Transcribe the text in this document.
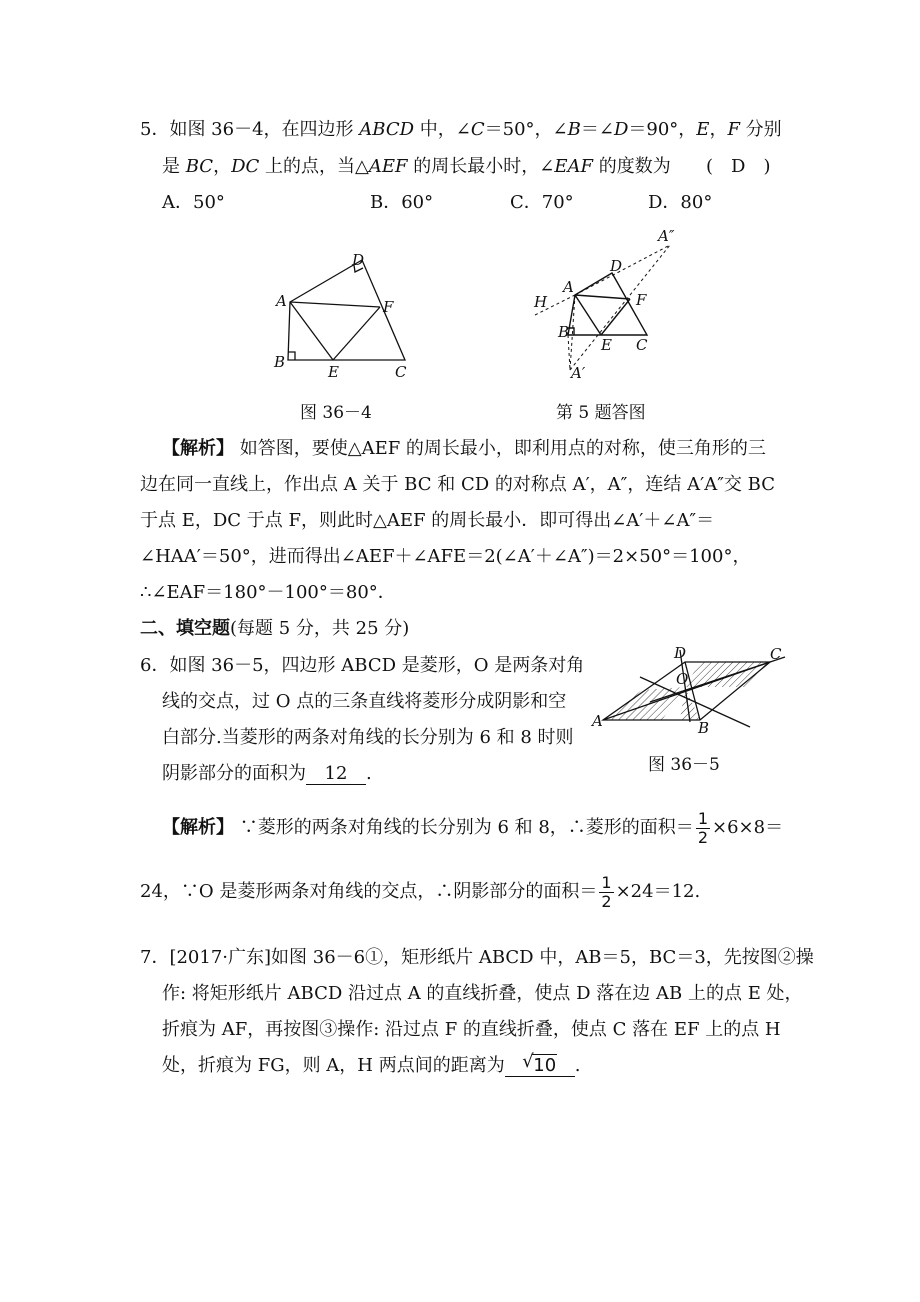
5．如图 36－4，在四边形 ABCD 中，∠C＝50°，∠B＝∠D＝90°，E，F 分别
是 BC，DC 上的点，当△AEF 的周长最小时，∠EAF 的度数为 (　D　)
A．50°	B．60°	C．70°	D．80°
D
A	F
B
E	C
图 36－4
A″
D
A
H	F
B
E C
A′
第 5 题答图
【解析】 如答图，要使△AEF 的周长最小，即利用点的对称，使三角形的三
边在同一直线上，作出点 A 关于 BC 和 CD 的对称点 A′，A″，连结 A′A″交 BC
于点 E，DC 于点 F，则此时△AEF 的周长最小．即可得出∠A′＋∠A″＝
∠HAA′＝50°，进而得出∠AEF＋∠AFE＝2(∠A′＋∠A″)＝2×50°＝100°，
∴∠EAF＝180°－100°＝80°．
二、填空题(每题 5 分，共 25 分)
6．如图 36－5，四边形 ABCD 是菱形，O 是两条对角
线的交点，过 O 点的三条直线将菱形分成阴影和空
白部分.当菱形的两条对角线的长分别为 6 和 8 时则
阴影部分的面积为 12 .
D	C
O
A	B
图 36－5
【解析】 ∵菱形的两条对角线的长分别为 6 和 8，∴菱形的面积＝ $\frac{1}{2} \times 6\times 8=$
24，∵O 是菱形两条对角线的交点，∴阴影部分的面积＝ $\frac{1}{2} \times 24=12$.
7．[2017·广东]如图 36－6①，矩形纸片 ABCD 中，AB＝5，BC＝3，先按图②操
作: 将矩形纸片 ABCD 沿过点 A 的直线折叠，使点 D 落在边 AB 上的点 E 处，
折痕为 AF，再按图③操作: 沿过点 F 的直线折叠，使点 C 落在 EF 上的点 H
处，折痕为 FG，则 A，H 两点间的距离为 √ 10 .
